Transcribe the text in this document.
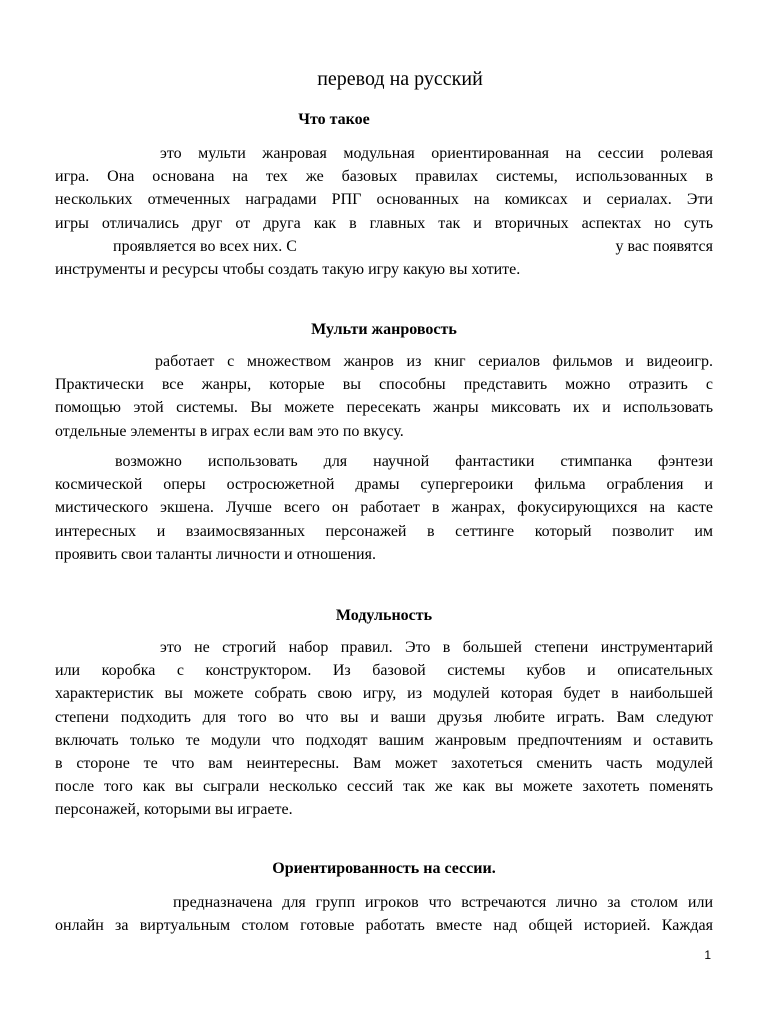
перевод на русский
Что такое

это мульти жанровая модульная ориентированная на сессии ролевая
игра. Она основана на тех же базовых правилах системы, использованных в
нескольких отмеченных наградами РПГ основанных на комиксах и сериалах. Эти
игры отличались друг от друга как в главных так и вторичных аспектах но суть
проявляется во всех них. С	у вас появятся
инструменты и ресурсы чтобы создать такую игру какую вы хотите.

Мульти жанровость

работает с множеством жанров из книг сериалов фильмов и видеоигр.
Практически все жанры, которые вы способны представить можно отразить с
помощью этой системы. Вы можете пересекать жанры миксовать их и использовать
отдельные элементы в играх если вам это по вкусу.

возможно использовать для научной фантастики стимпанка фэнтези
космической оперы остросюжетной драмы супергероики фильма ограбления и
мистического экшена. Лучше всего он работает в жанрах, фокусирующихся на касте
интересных и взаимосвязанных персонажей в сеттинге который позволит им
проявить свои таланты личности и отношения.

Модульность

это не строгий набор правил. Это в большей степени инструментарий
или коробка с конструктором. Из базовой системы кубов и описательных
характеристик вы можете собрать свою игру, из модулей которая будет в наибольшей
степени подходить для того во что вы и ваши друзья любите играть. Вам следуют
включать только те модули что подходят вашим жанровым предпочтениям и оставить
в стороне те что вам неинтересны. Вам может захотеться сменить часть модулей
после того как вы сыграли несколько сессий так же как вы можете захотеть поменять
персонажей, которыми вы играете.

Ориентированность на сессии.

предназначена для групп игроков что встречаются лично за столом или
онлайн за виртуальным столом готовые работать вместе над общей историей. Каждая

1
